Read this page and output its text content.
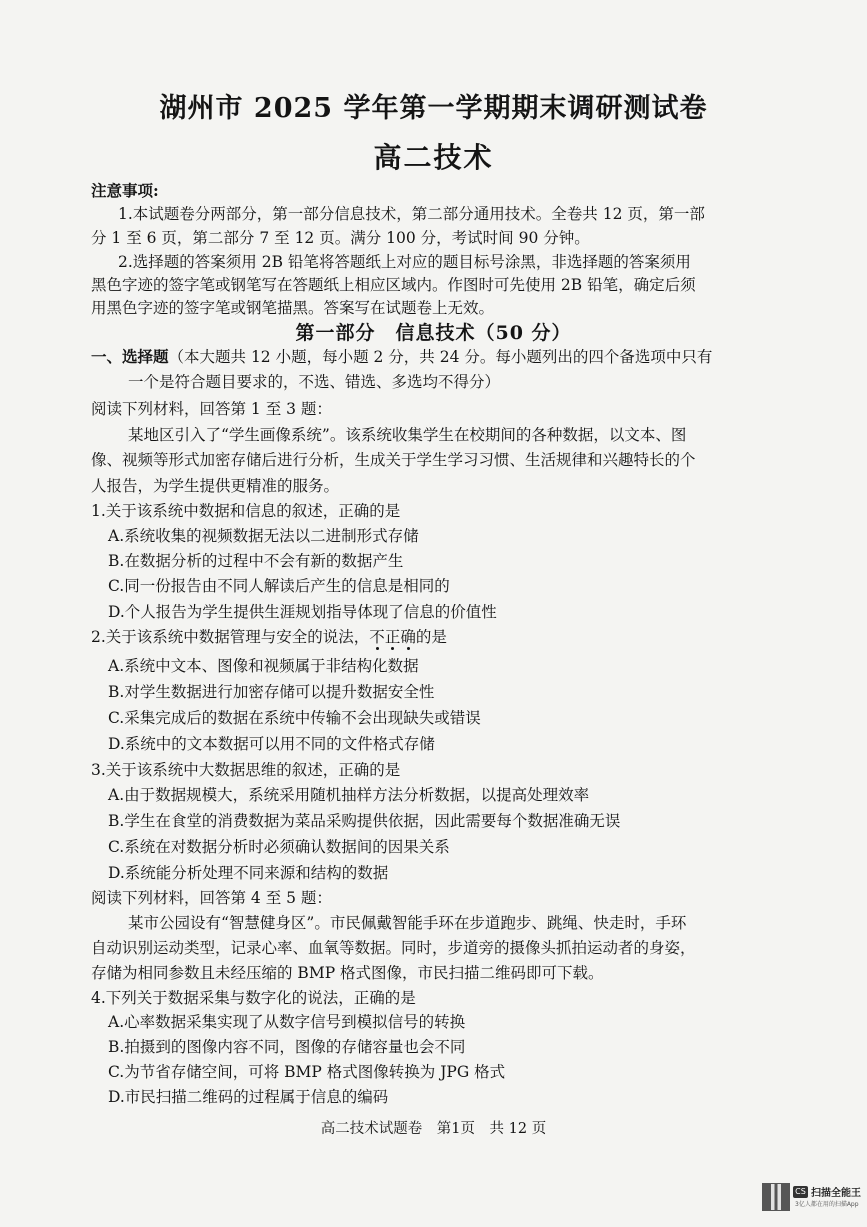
湖州市 2025 学年第一学期期末调研测试卷
高二技术
注意事项:
1.本试题卷分两部分，第一部分信息技术，第二部分通用技术。全卷共 12 页，第一部
分 1 至 6 页，第二部分 7 至 12 页。满分 100 分，考试时间 90 分钟。
2.选择题的答案须用 2B 铅笔将答题纸上对应的题目标号涂黑，非选择题的答案须用
黑色字迹的签字笔或钢笔写在答题纸上相应区域内。作图时可先使用 2B 铅笔，确定后须
用黑色字迹的签字笔或钢笔描黑。答案写在试题卷上无效。
第一部分　信息技术（50 分）
一、选择题（本大题共 12 小题，每小题 2 分，共 24 分。每小题列出的四个备选项中只有
一个是符合题目要求的，不选、错选、多选均不得分）
阅读下列材料，回答第 1 至 3 题：
某地区引入了“学生画像系统”。该系统收集学生在校期间的各种数据，以文本、图
像、视频等形式加密存储后进行分析，生成关于学生学习习惯、生活规律和兴趣特长的个
人报告，为学生提供更精准的服务。
1.关于该系统中数据和信息的叙述，正确的是
A.系统收集的视频数据无法以二进制形式存储
B.在数据分析的过程中不会有新的数据产生
C.同一份报告由不同人解读后产生的信息是相同的
D.个人报告为学生提供生涯规划指导体现了信息的价值性
2.关于该系统中数据管理与安全的说法，不正确的是
A.系统中文本、图像和视频属于非结构化数据
B.对学生数据进行加密存储可以提升数据安全性
C.采集完成后的数据在系统中传输不会出现缺失或错误
D.系统中的文本数据可以用不同的文件格式存储
3.关于该系统中大数据思维的叙述，正确的是
A.由于数据规模大，系统采用随机抽样方法分析数据，以提高处理效率
B.学生在食堂的消费数据为菜品采购提供依据，因此需要每个数据准确无误
C.系统在对数据分析时必须确认数据间的因果关系
D.系统能分析处理不同来源和结构的数据
阅读下列材料，回答第 4 至 5 题：
某市公园设有“智慧健身区”。市民佩戴智能手环在步道跑步、跳绳、快走时，手环
自动识别运动类型，记录心率、血氧等数据。同时，步道旁的摄像头抓拍运动者的身姿，
存储为相同参数且未经压缩的 BMP 格式图像，市民扫描二维码即可下载。
4.下列关于数据采集与数字化的说法，正确的是
A.心率数据采集实现了从数字信号到模拟信号的转换
B.拍摄到的图像内容不同，图像的存储容量也会不同
C.为节省存储空间，可将 BMP 格式图像转换为 JPG 格式
D.市民扫描二维码的过程属于信息的编码
高二技术试题卷　第1页　共 12 页
CS 扫描全能王
3亿人都在用的扫描App
